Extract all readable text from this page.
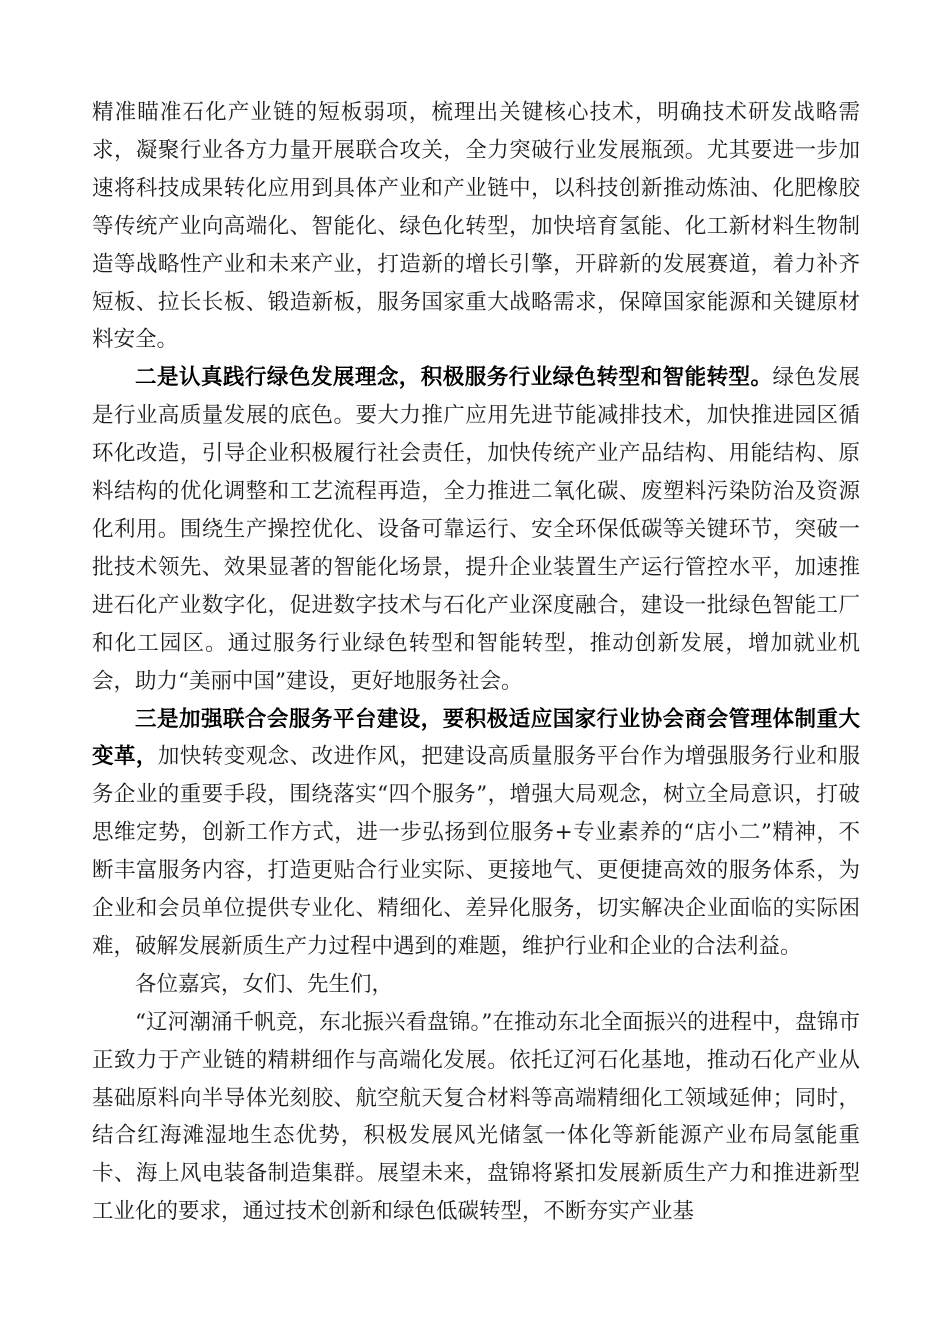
精准瞄准石化产业链的短板弱项，梳理出关键核心技术，明确技术研发战略需求，凝聚行业各方力量开展联合攻关，全力突破行业发展瓶颈。尤其要进一步加速将科技成果转化应用到具体产业和产业链中，以科技创新推动炼油、化肥橡胶等传统产业向高端化、智能化、绿色化转型，加快培育氢能、化工新材料生物制造等战略性产业和未来产业，打造新的增长引擎，开辟新的发展赛道，着力补齐短板、拉长长板、锻造新板，服务国家重大战略需求，保障国家能源和关键原材料安全。

二是认真践行绿色发展理念，积极服务行业绿色转型和智能转型。绿色发展是行业高质量发展的底色。要大力推广应用先进节能减排技术，加快推进园区循环化改造，引导企业积极履行社会责任，加快传统产业产品结构、用能结构、原料结构的优化调整和工艺流程再造，全力推进二氧化碳、废塑料污染防治及资源化利用。围绕生产操控优化、设备可靠运行、安全环保低碳等关键环节，突破一批技术领先、效果显著的智能化场景，提升企业装置生产运行管控水平，加速推进石化产业数字化，促进数字技术与石化产业深度融合，建设一批绿色智能工厂和化工园区。通过服务行业绿色转型和智能转型，推动创新发展，增加就业机会，助力“美丽中国”建设，更好地服务社会。

三是加强联合会服务平台建设，要积极适应国家行业协会商会管理体制重大变革，加快转变观念、改进作风，把建设高质量服务平台作为增强服务行业和服务企业的重要手段，围绕落实“四个服务”，增强大局观念，树立全局意识，打破思维定势，创新工作方式，进一步弘扬到位服务+专业素养的“店小二”精神，不断丰富服务内容，打造更贴合行业实际、更接地气、更便捷高效的服务体系，为企业和会员单位提供专业化、精细化、差异化服务，切实解决企业面临的实际困难，破解发展新质生产力过程中遇到的难题，维护行业和企业的合法利益。

各位嘉宾，女们、先生们，

“辽河潮涌千帆竞，东北振兴看盘锦。”在推动东北全面振兴的进程中，盘锦市正致力于产业链的精耕细作与高端化发展。依托辽河石化基地，推动石化产业从基础原料向半导体光刻胶、航空航天复合材料等高端精细化工领域延伸；同时，结合红海滩湿地生态优势，积极发展风光储氢一体化等新能源产业布局氢能重卡、海上风电装备制造集群。展望未来，盘锦将紧扣发展新质生产力和推进新型工业化的要求，通过技术创新和绿色低碳转型，不断夯实产业基
